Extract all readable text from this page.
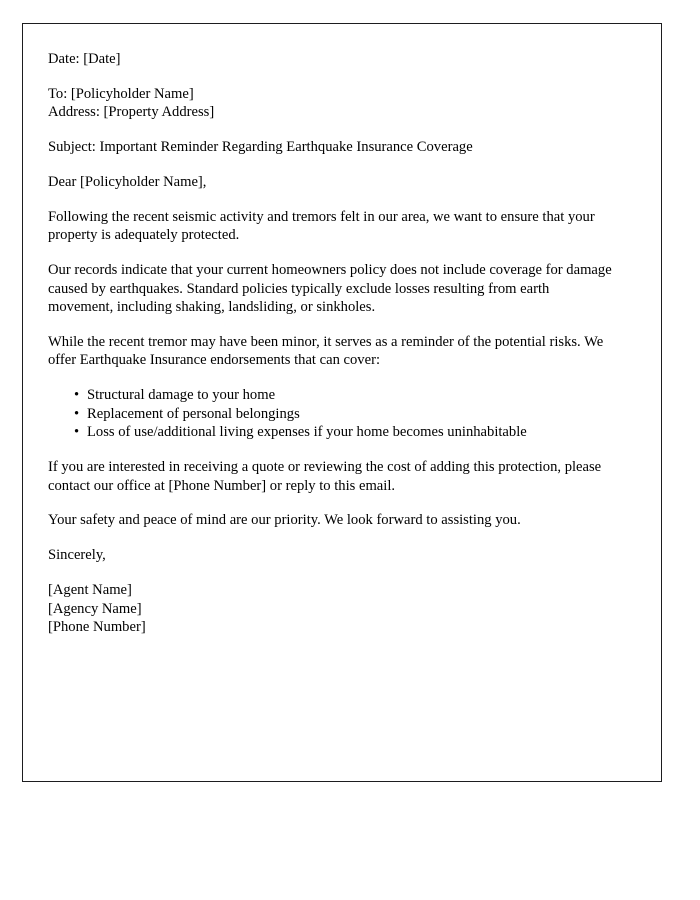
Date: [Date]
To: [Policyholder Name]
Address: [Property Address]
Subject: Important Reminder Regarding Earthquake Insurance Coverage
Dear [Policyholder Name],

Following the recent seismic activity and tremors felt in our area, we want to ensure that your property is adequately protected.

Our records indicate that your current homeowners policy does not include coverage for damage caused by earthquakes. Standard policies typically exclude losses resulting from earth movement, including shaking, landsliding, or sinkholes.

While the recent tremor may have been minor, it serves as a reminder of the potential risks. We offer Earthquake Insurance endorsements that can cover:

• Structural damage to your home
• Replacement of personal belongings
• Loss of use/additional living expenses if your home becomes uninhabitable

If you are interested in receiving a quote or reviewing the cost of adding this protection, please contact our office at [Phone Number] or reply to this email.

Your safety and peace of mind are our priority. We look forward to assisting you.

Sincerely,
[Agent Name]
[Agency Name]
[Phone Number]
